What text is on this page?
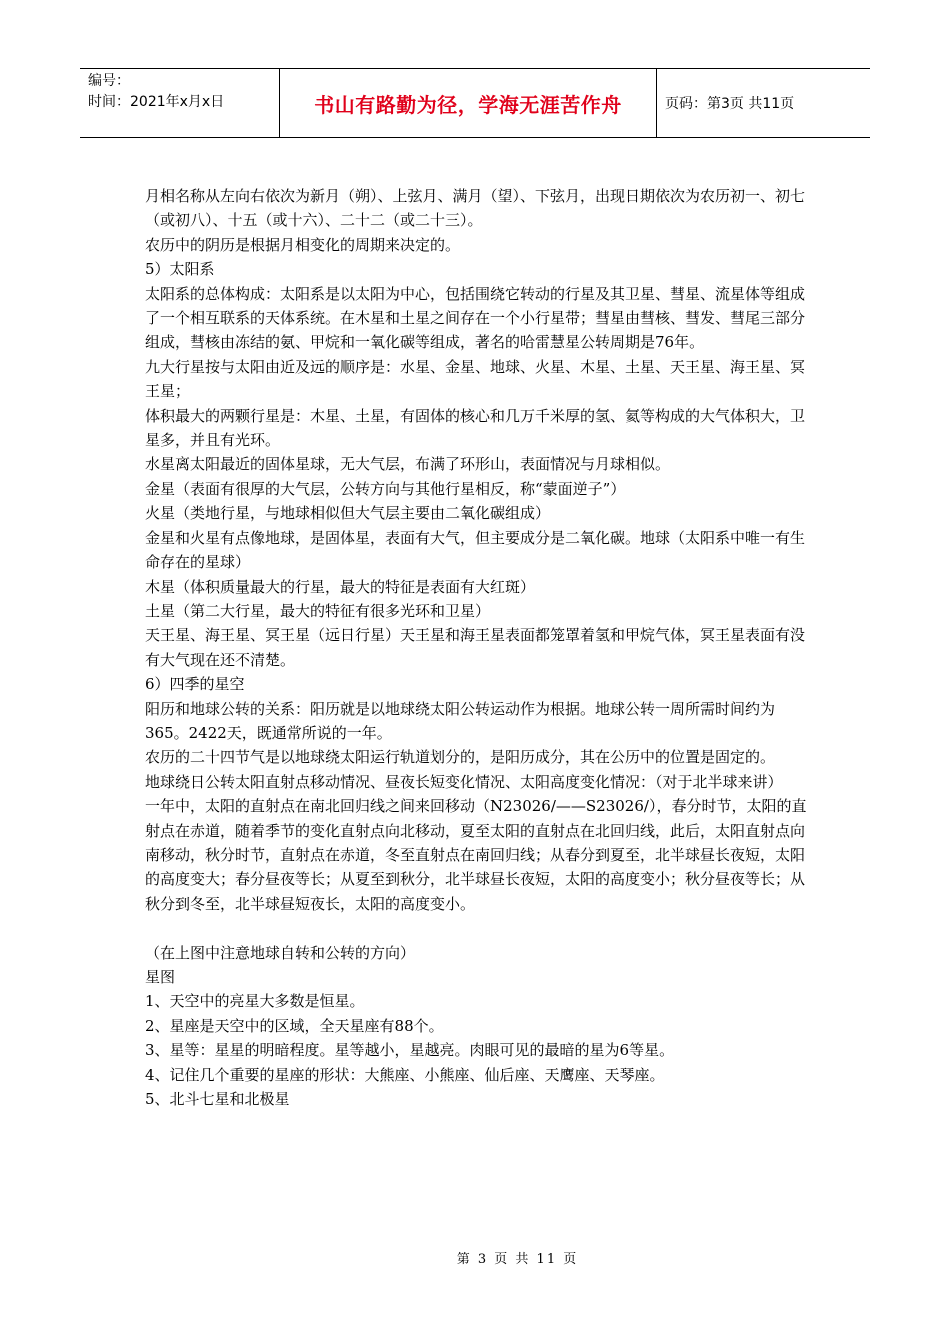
编号：
时间：2021年x月x日	书山有路勤为径，学海无涯苦作舟	页码：第3页 共11页

月相名称从左向右依次为新月（朔）、上弦月、满月（望）、下弦月，出现日期依次为农历初一、初七（或初八）、十五（或十六）、二十二（或二十三）。

农历中的阴历是根据月相变化的周期来决定的。

5）太阳系

太阳系的总体构成：太阳系是以太阳为中心，包括围绕它转动的行星及其卫星、彗星、流星体等组成了一个相互联系的天体系统。在木星和土星之间存在一个小行星带；彗星由彗核、彗发、彗尾三部分组成，彗核由冻结的氨、甲烷和一氧化碳等组成，著名的哈雷慧星公转周期是76年。

九大行星按与太阳由近及远的顺序是：水星、金星、地球、火星、木星、土星、天王星、海王星、冥王星；

体积最大的两颗行星是：木星、土星，有固体的核心和几万千米厚的氢、氦等构成的大气体积大，卫星多，并且有光环。

水星离太阳最近的固体星球，无大气层，布满了环形山，表面情况与月球相似。

金星（表面有很厚的大气层，公转方向与其他行星相反，称“蒙面逆子”）

火星（类地行星，与地球相似但大气层主要由二氧化碳组成）

金星和火星有点像地球，是固体星，表面有大气，但主要成分是二氧化碳。地球（太阳系中唯一有生命存在的星球）

木星（体积质量最大的行星，最大的特征是表面有大红斑）

土星（第二大行星，最大的特征有很多光环和卫星）

天王星、海王星、冥王星（远日行星）天王星和海王星表面都笼罩着氢和甲烷气体，冥王星表面有没有大气现在还不清楚。

6）四季的星空

阳历和地球公转的关系：阳历就是以地球绕太阳公转运动作为根据。地球公转一周所需时间约为365。2422天，既通常所说的一年。

农历的二十四节气是以地球绕太阳运行轨道划分的，是阳历成分，其在公历中的位置是固定的。

地球绕日公转太阳直射点移动情况、昼夜长短变化情况、太阳高度变化情况：（对于北半球来讲）

一年中，太阳的直射点在南北回归线之间来回移动（N23026/——S23026/），春分时节，太阳的直射点在赤道，随着季节的变化直射点向北移动，夏至太阳的直射点在北回归线，此后，太阳直射点向南移动，秋分时节，直射点在赤道，冬至直射点在南回归线；从春分到夏至，北半球昼长夜短，太阳的高度变大；春分昼夜等长；从夏至到秋分，北半球昼长夜短，太阳的高度变小；秋分昼夜等长；从秋分到冬至，北半球昼短夜长，太阳的高度变小。

（在上图中注意地球自转和公转的方向）

星图

1、天空中的亮星大多数是恒星。

2、星座是天空中的区域，全天星座有88个。

3、星等：星星的明暗程度。星等越小，星越亮。肉眼可见的最暗的星为6等星。

4、记住几个重要的星座的形状：大熊座、小熊座、仙后座、天鹰座、天琴座。

5、北斗七星和北极星

第 3 页 共 11 页
